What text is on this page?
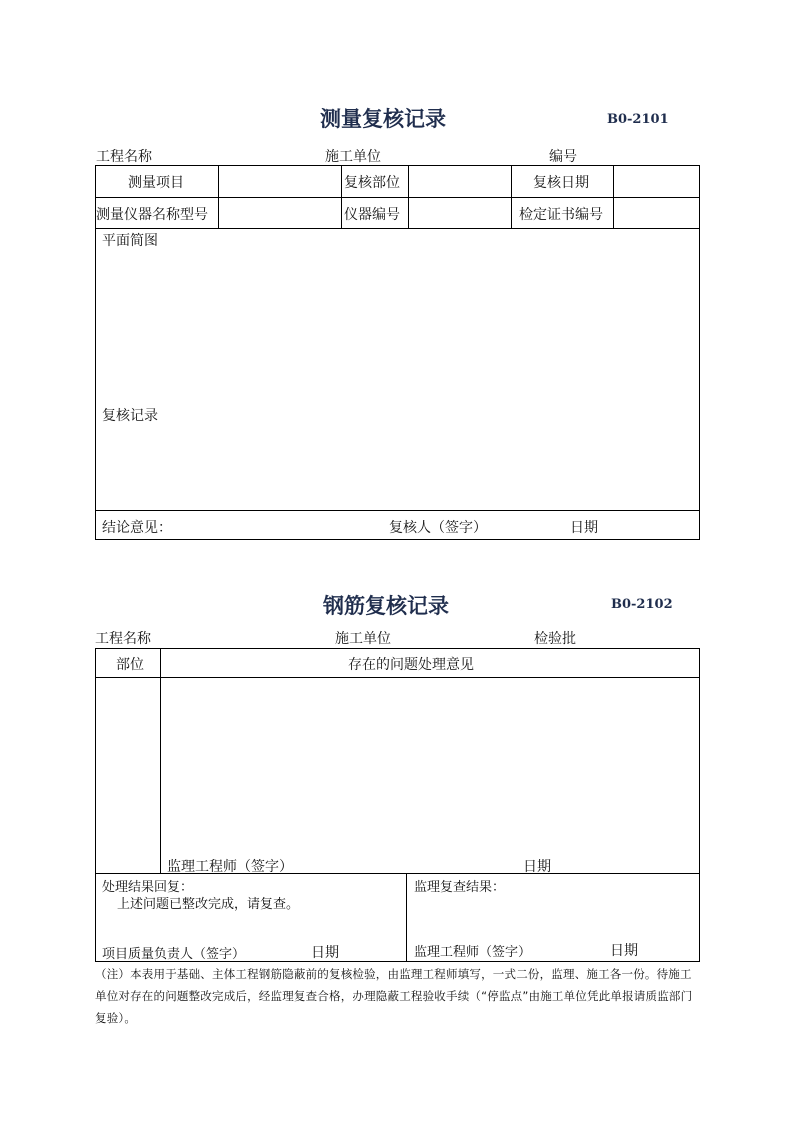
测量复核记录	B0-2101
工程名称	施工单位	编号
测量项目	复核部位	复核日期
测量仪器名称型号	仪器编号	检定证书编号
平面简图
复核记录
结论意见：	复核人（签字）	日期
钢筋复核记录	B0-2102
工程名称	施工单位	检验批
部位	存在的问题处理意见
监理工程师（签字）	日期
处理结果回复：
上述问题已整改完成，请复查。
项目质量负责人（签字）	日期
监理复查结果：
监理工程师（签字）	日期
（注）本表用于基础、主体工程钢筋隐蔽前的复核检验，由监理工程师填写，一式二份，监理、施工各一份。待施工单位对存在的问题整改完成后，经监理复查合格，办理隐蔽工程验收手续（“停监点”由施工单位凭此单报请质监部门复验）。
